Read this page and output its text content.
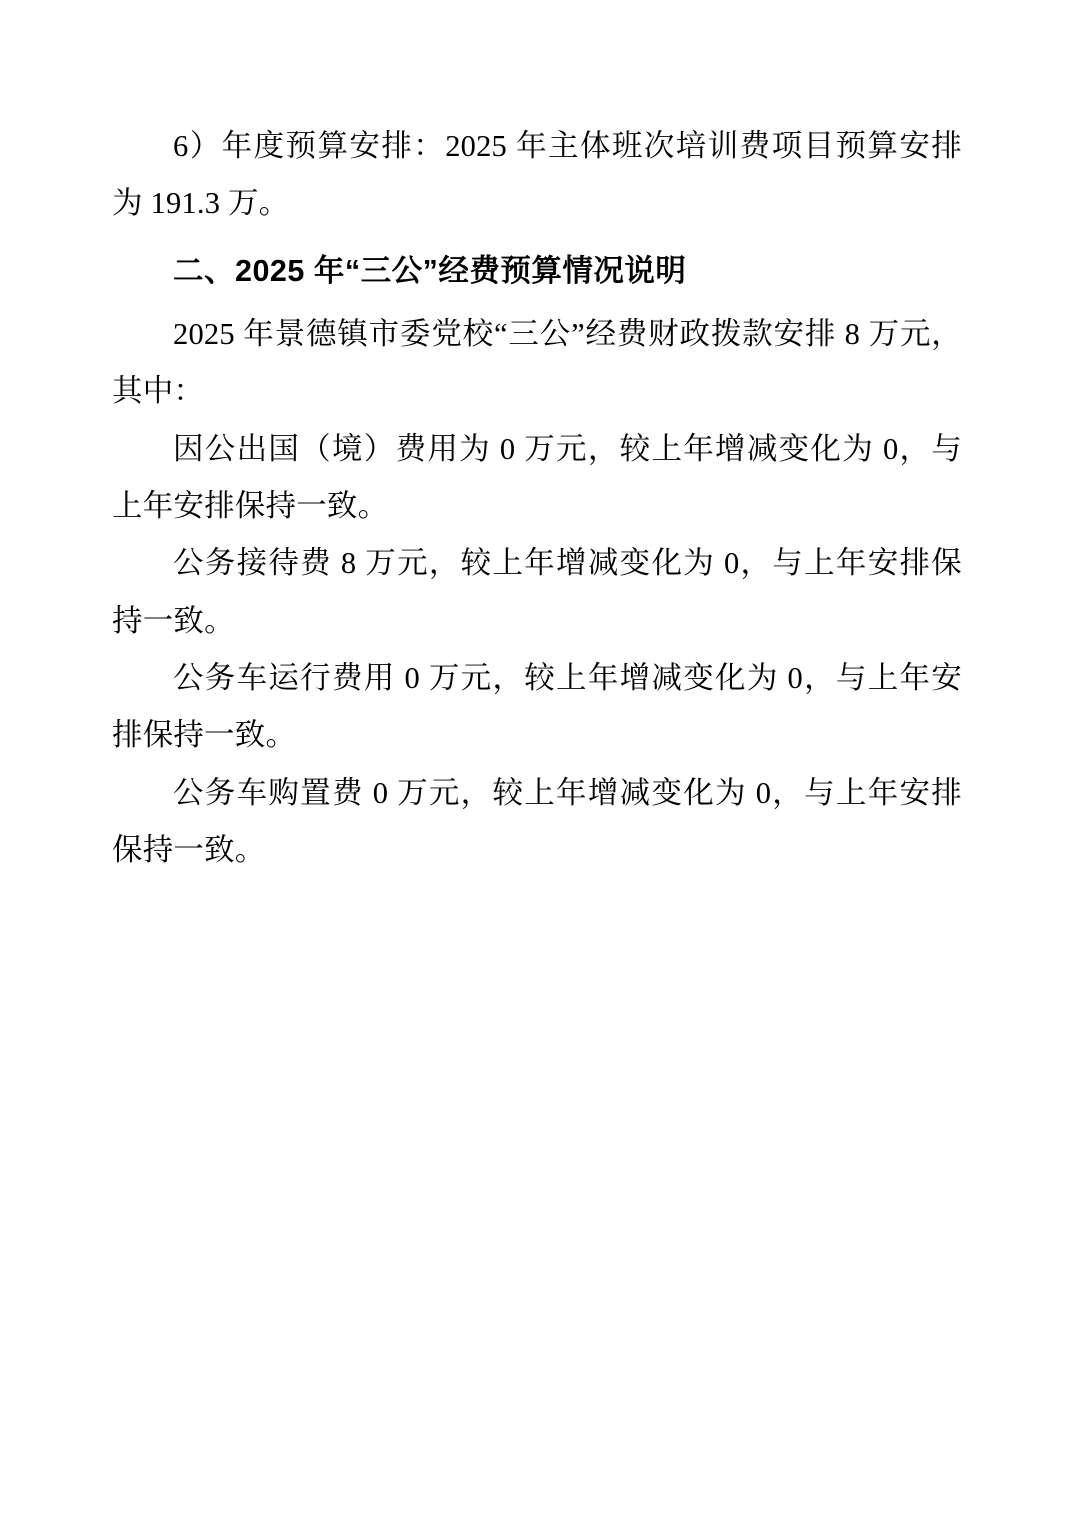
6）年度预算安排：2025 年主体班次培训费项目预算安排为 191.3 万。

二、2025 年“三公”经费预算情况说明

2025 年景德镇市委党校“三公”经费财政拨款安排 8 万元，其中：

因公出国（境）费用为 0 万元，较上年增减变化为 0，与上年安排保持一致。

公务接待费 8 万元，较上年增减变化为 0，与上年安排保持一致。

公务车运行费用 0 万元，较上年增减变化为 0，与上年安排保持一致。

公务车购置费 0 万元，较上年增减变化为 0，与上年安排保持一致。
